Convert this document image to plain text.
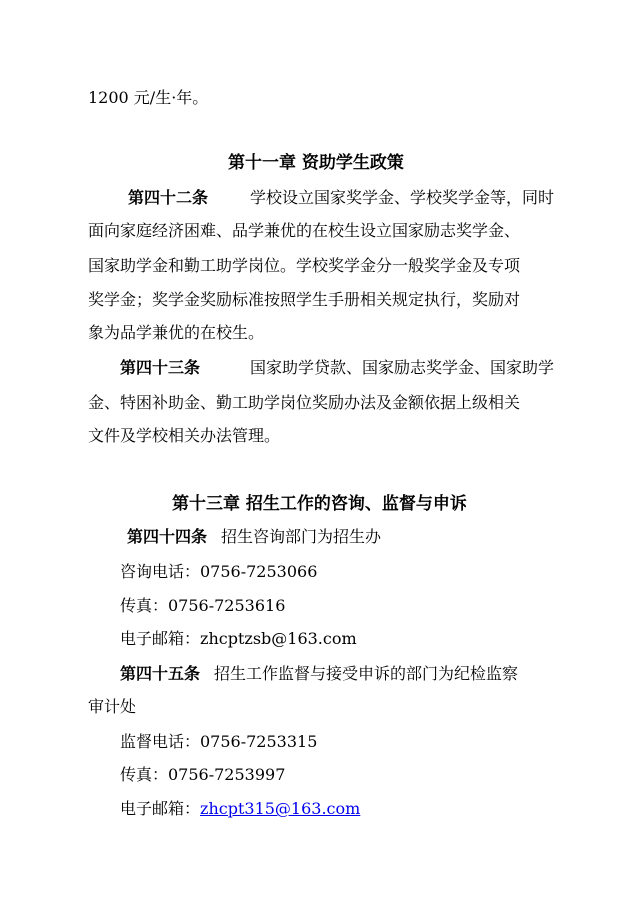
1200 元/生·年。
第十一章 资助学生政策
第四十二条	学校设立国家奖学金、学校奖学金等，同时
面向家庭经济困难、品学兼优的在校生设立国家励志奖学金、
国家助学金和勤工助学岗位。学校奖学金分一般奖学金及专项
奖学金；奖学金奖励标准按照学生手册相关规定执行，奖励对
象为品学兼优的在校生。
第四十三条	国家助学贷款、国家励志奖学金、国家助学
金、特困补助金、勤工助学岗位奖励办法及金额依据上级相关
文件及学校相关办法管理。
第十三章 招生工作的咨询、监督与申诉
第四十四条 招生咨询部门为招生办
咨询电话：0756-7253066
传真：0756-7253616
电子邮箱：zhcptzsb@163.com
第四十五条 招生工作监督与接受申诉的部门为纪检监察
审计处
监督电话：0756-7253315
传真：0756-7253997
电子邮箱：zhcpt315@163.com
